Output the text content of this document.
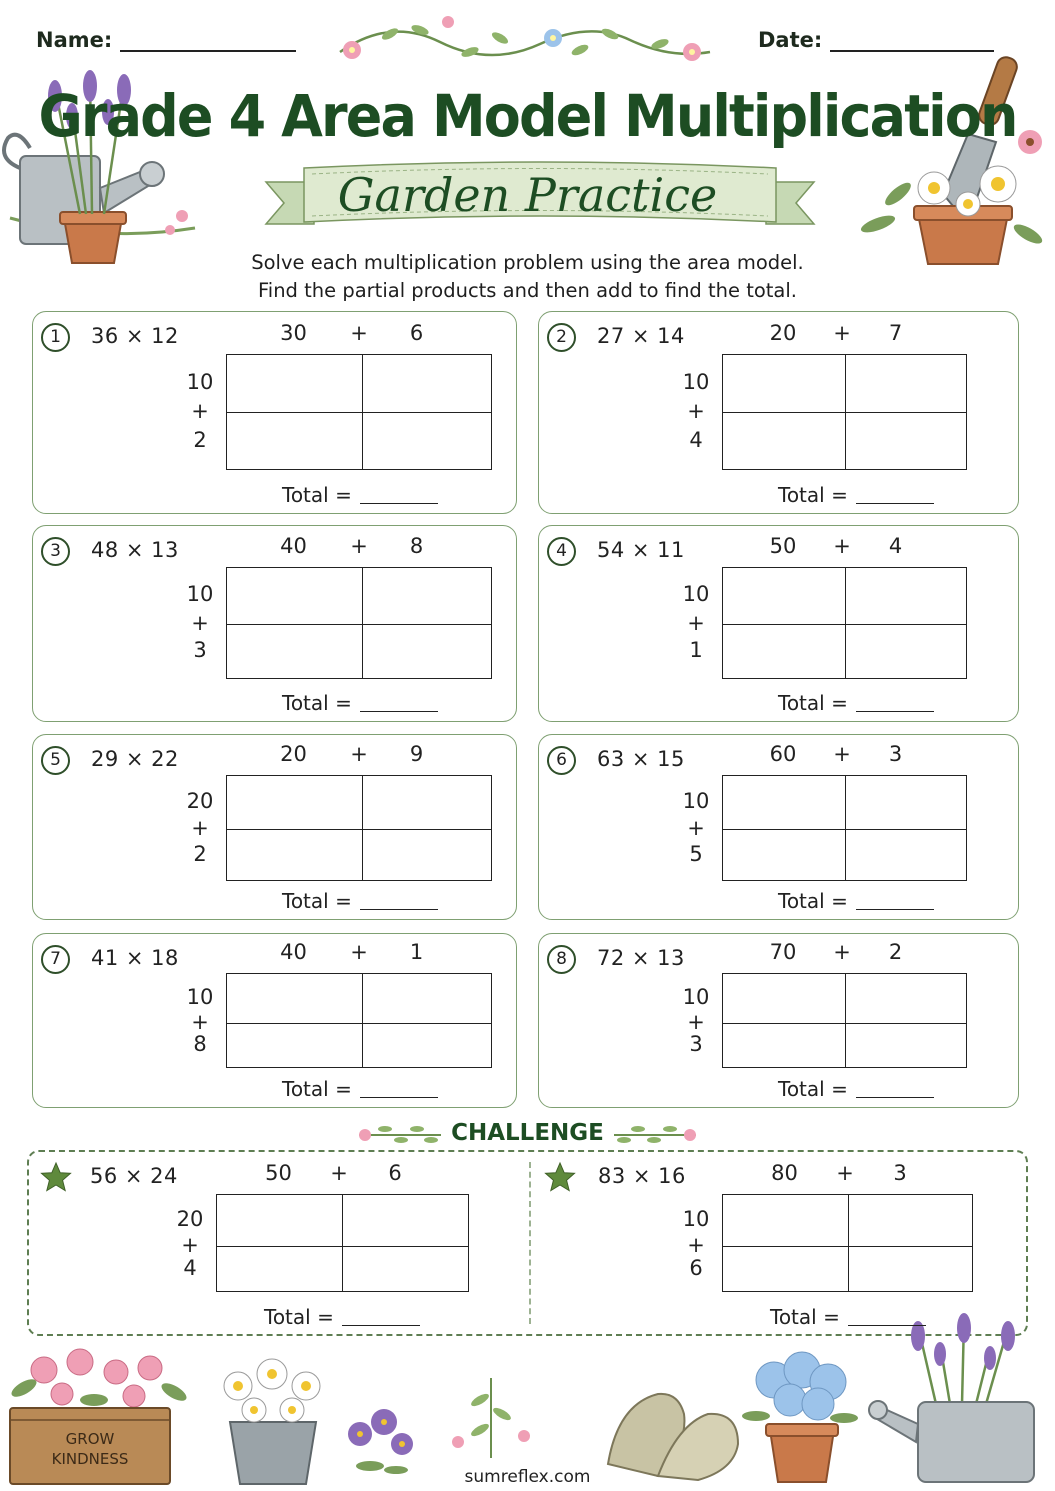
Name:	Date:
Grade 4 Area Model Multiplication
Garden Practice
Solve each multiplication problem using the area model.
Find the partial products and then add to find the total.
CHALLENGE
GROW
KINDNESS
sumreflex.com
1	36 × 12	30	+	6
10
+
2
Total =
2	27 × 14	20	+	7
10
+
4
Total =
3	48 × 13	40	+	8
10
+
3
Total =
4	54 × 11	50	+	4
10
+
1
Total =
5	29 × 22	20	+	9
20
+
2
Total =
6	63 × 15	60	+	3
10
+
5
Total =
7	41 × 18	40	+	1
10
+
8
Total =
8	72 × 13	70	+	2
10
+
3
Total =
56 × 24	50	+	6
20
+
4
Total =
83 × 16	80	+	3
10
+
6
Total =
